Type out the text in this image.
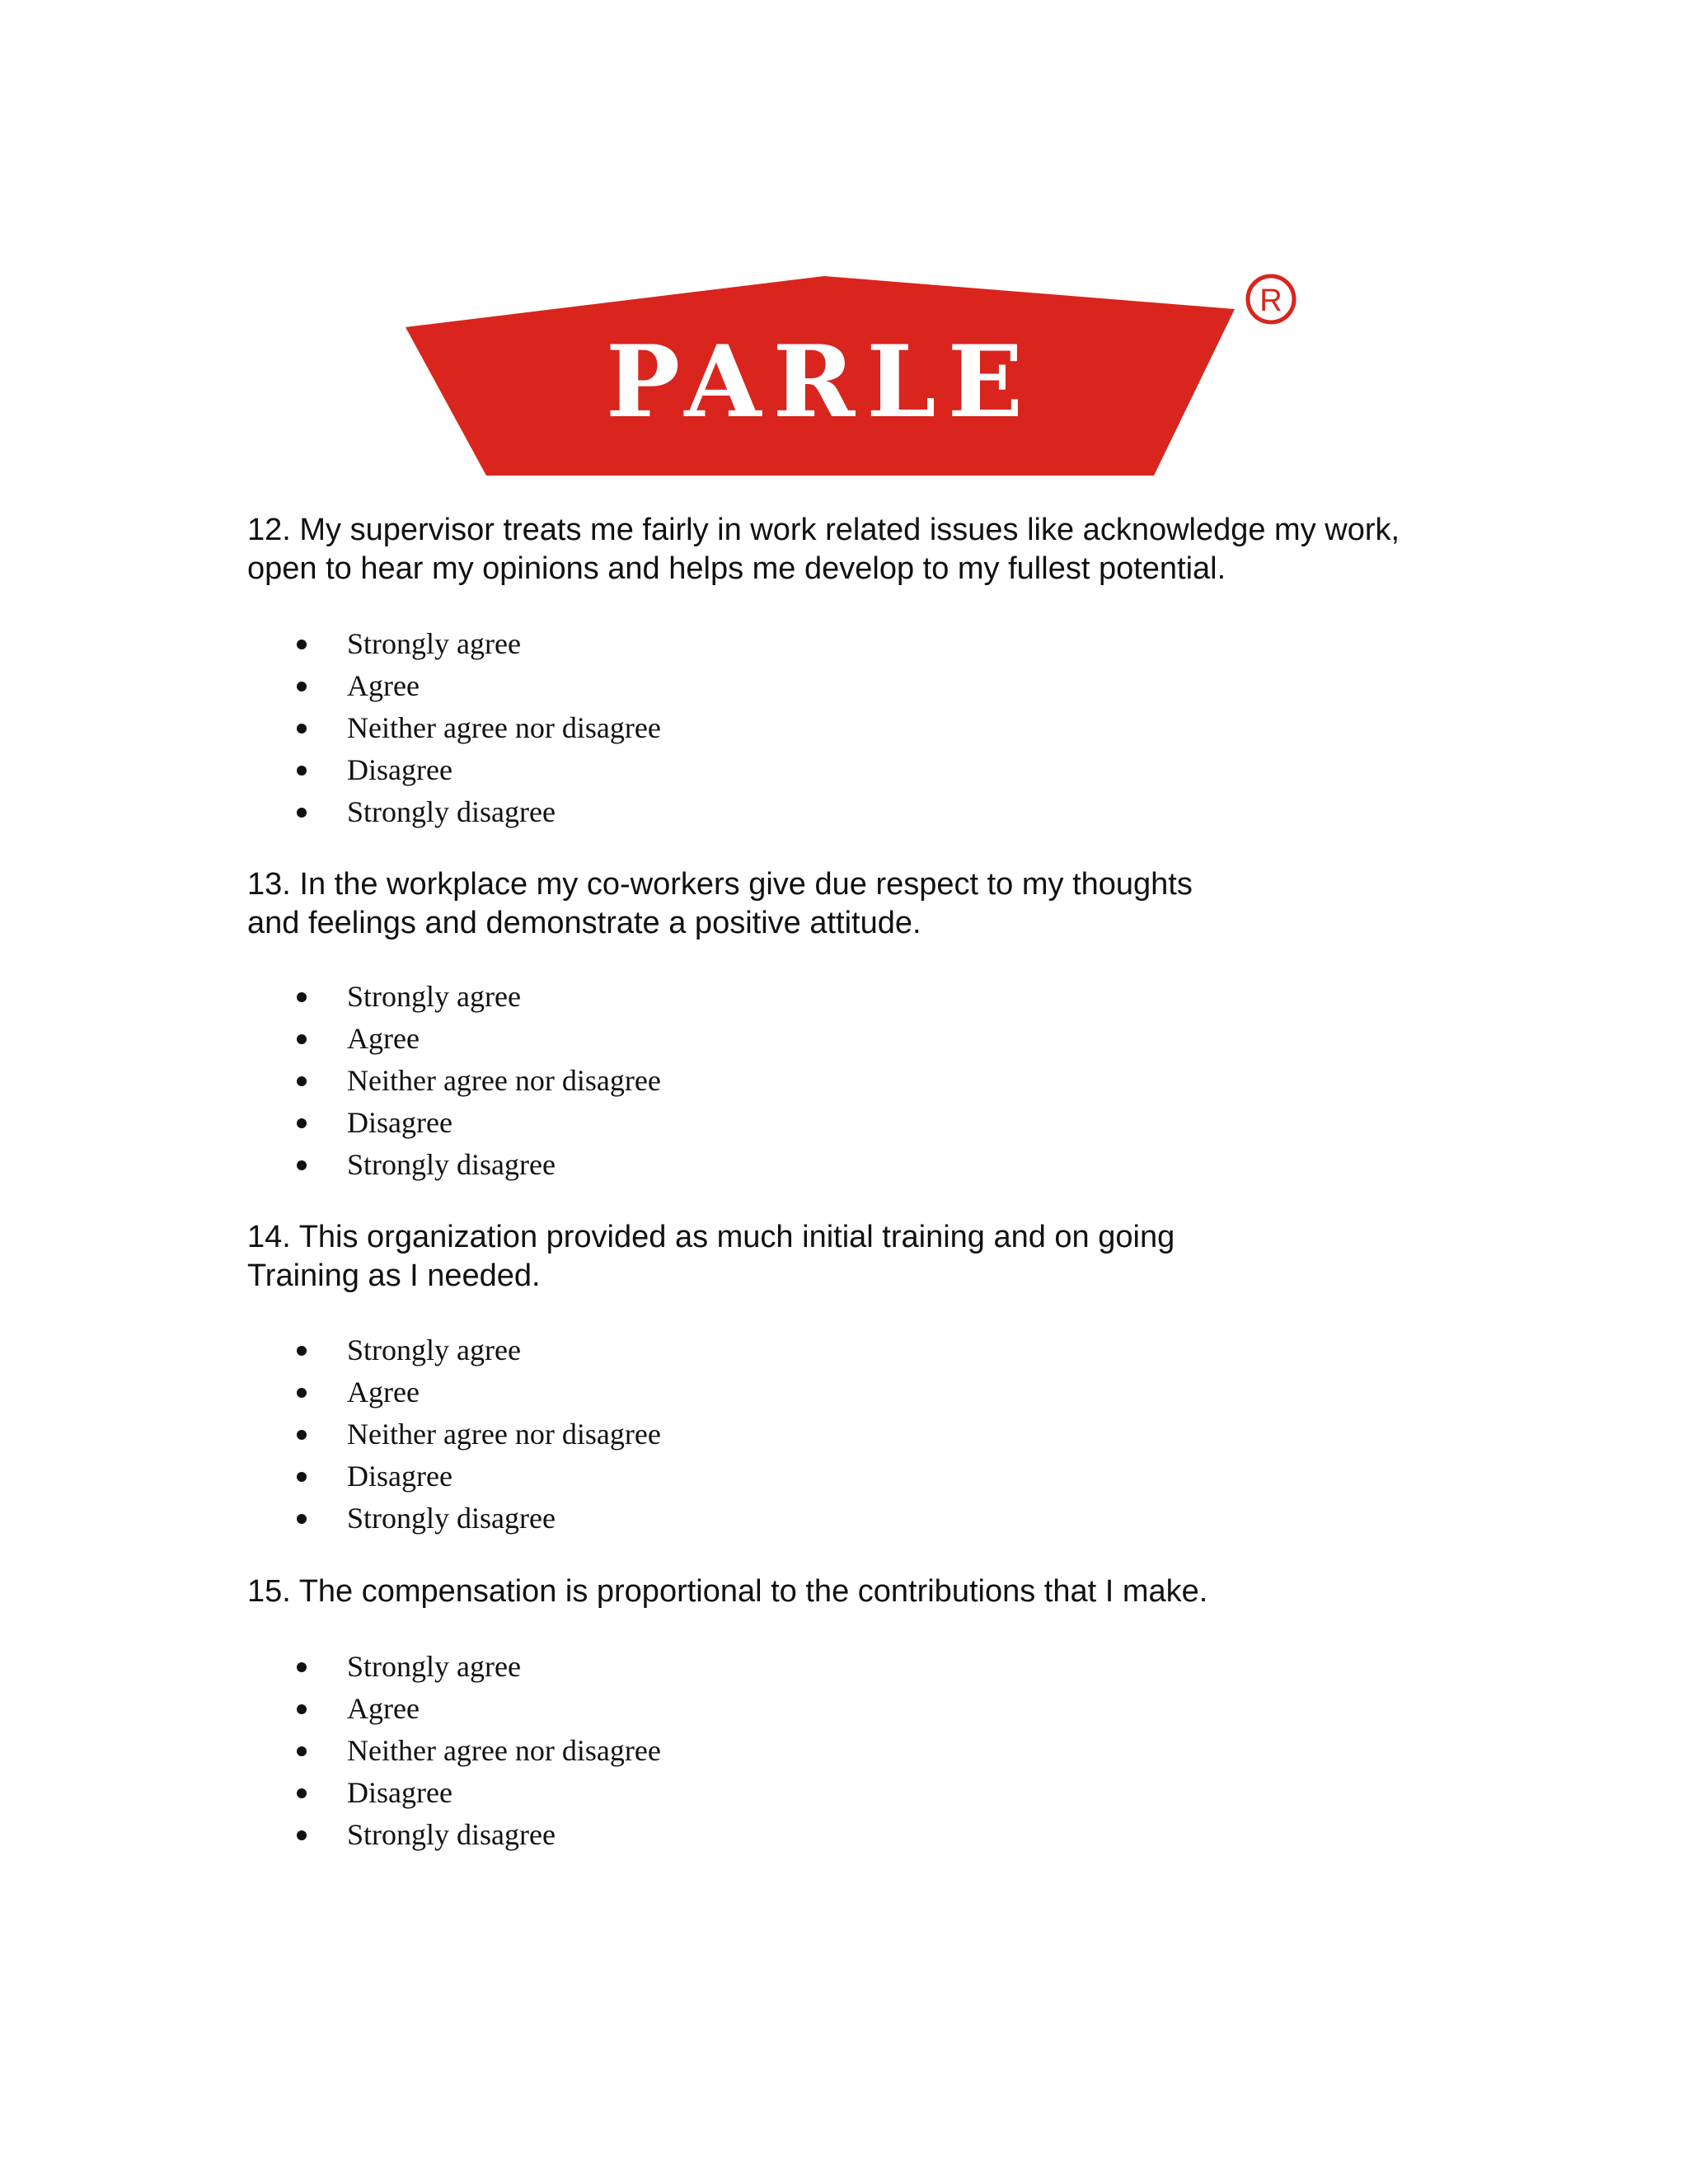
PARLE
R

12. My supervisor treats me fairly in work related issues like acknowledge my work,
open to hear my opinions and helps me develop to my fullest potential.

Strongly agree
Agree
Neither agree nor disagree
Disagree
Strongly disagree

13. In the workplace my co-workers give due respect to my thoughts
and feelings and demonstrate a positive attitude.

Strongly agree
Agree
Neither agree nor disagree
Disagree
Strongly disagree

14. This organization provided as much initial training and on going
Training as I needed.

Strongly agree
Agree
Neither agree nor disagree
Disagree
Strongly disagree

15. The compensation is proportional to the contributions that I make.

Strongly agree
Agree
Neither agree nor disagree
Disagree
Strongly disagree
